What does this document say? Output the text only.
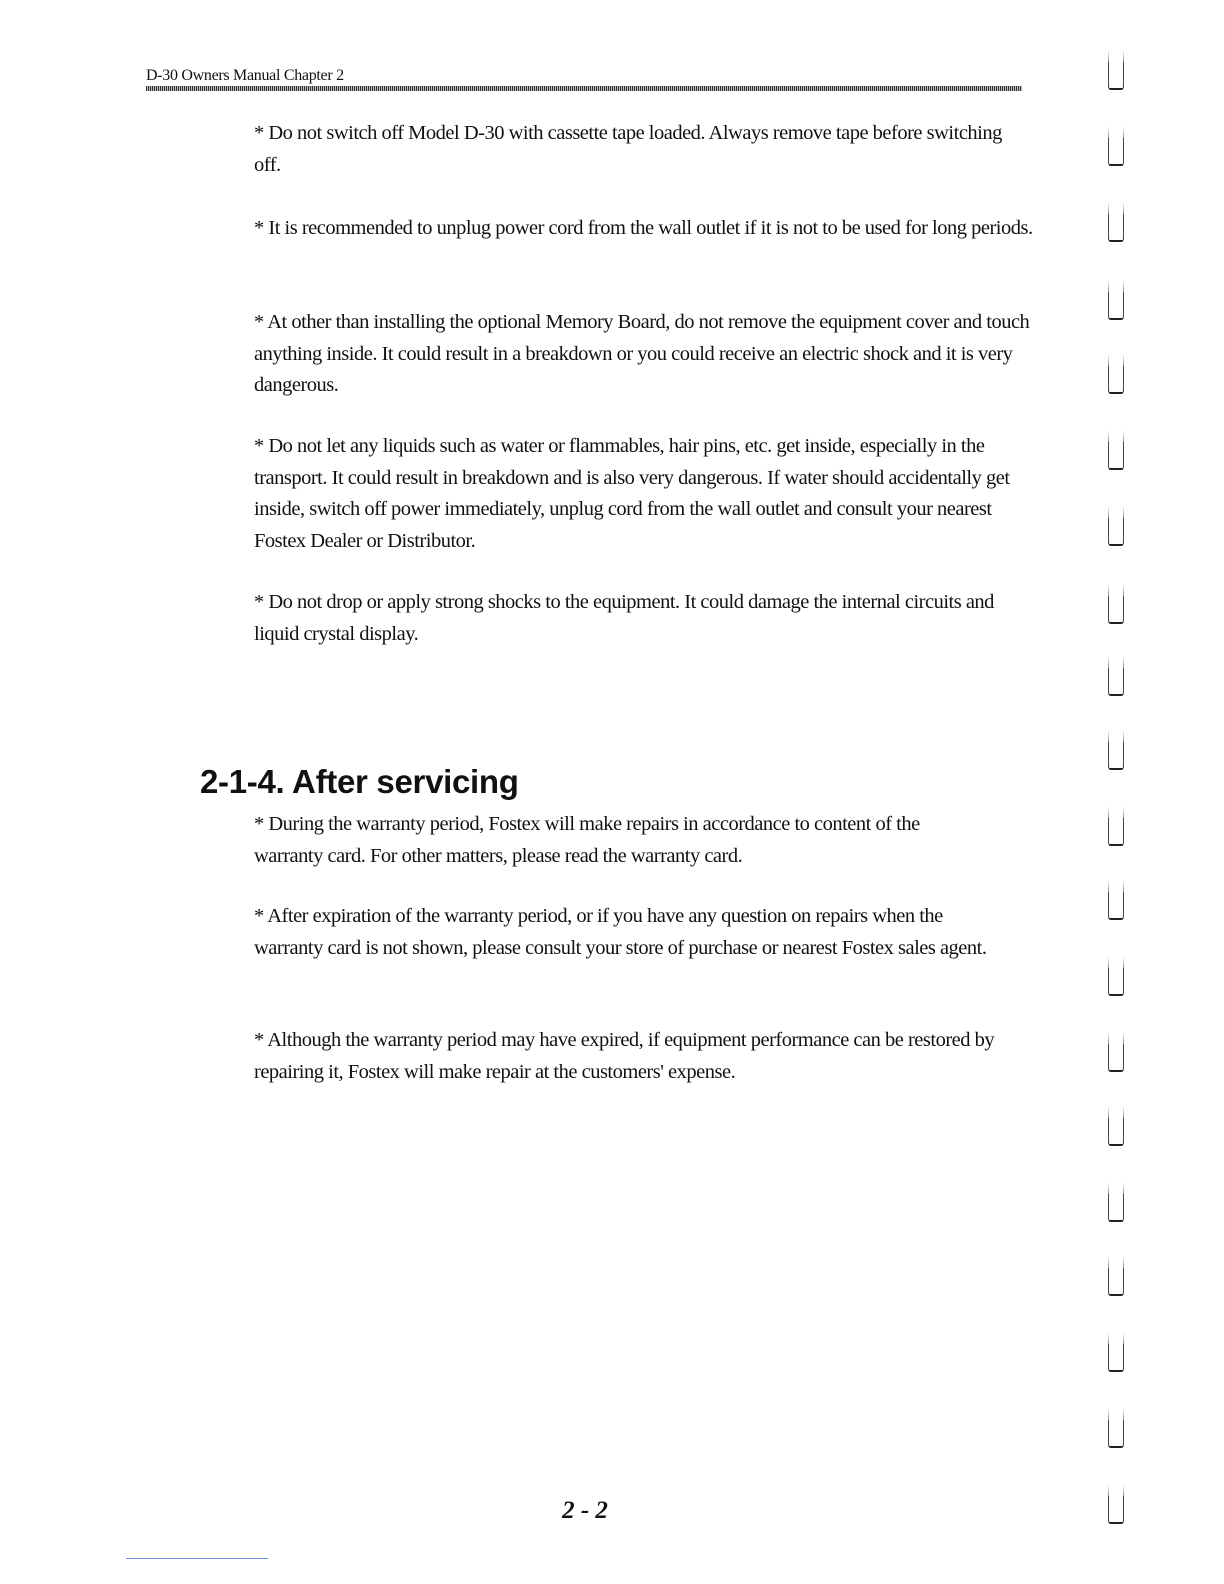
D-30 Owners Manual Chapter 2

* Do not switch off Model D-30 with cassette tape loaded. Always remove tape before switching off.

* It is recommended to unplug power cord from the wall outlet if it is not to be used for long periods.

* At other than installing the optional Memory Board, do not remove the equipment cover and touch anything inside. It could result in a breakdown or you could receive an electric shock and it is very dangerous.

* Do not let any liquids such as water or flammables, hair pins, etc. get inside, especially in the transport. It could result in breakdown and is also very dangerous. If water should accidentally get inside, switch off power immediately, unplug cord from the wall outlet and consult your nearest Fostex Dealer or Distributor.

* Do not drop or apply strong shocks to the equipment. It could damage the internal circuits and liquid crystal display.

2-1-4. After servicing

* During the warranty period, Fostex will make repairs in accordance to content of the warranty card. For other matters, please read the warranty card.

* After expiration of the warranty period, or if you have any question on repairs when the warranty card is not shown, please consult your store of purchase or nearest Fostex sales agent.

* Although the warranty period may have expired, if equipment performance can be restored by repairing it, Fostex will make repair at the customers' expense.

2 - 2
